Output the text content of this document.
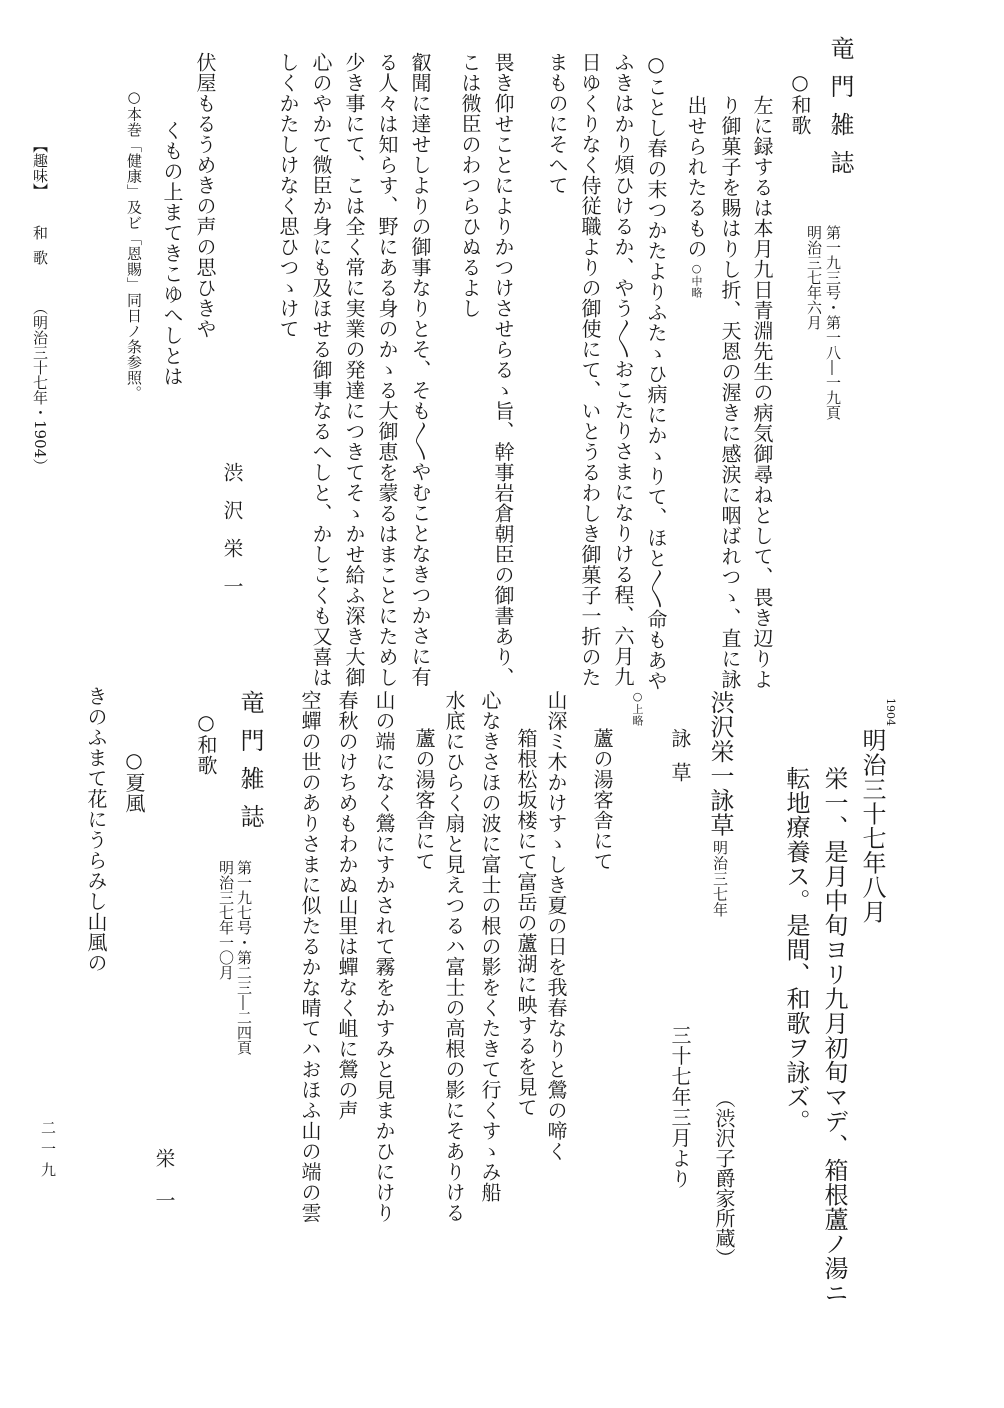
竜門雑誌
第一九三号・第一八―一九頁
明治三七年六月
○和歌
左に録するは本月九日青淵先生の病気御尋ねとして、畏き辺りよ
り御菓子を賜はりし折、天恩の渥きに感涙に咽ばれつゝ、直に詠
出せられたるもの
○中略
○ことし春の末つかたよりふたゝひ病にかゝりて、ほと〳〵命もあや
ふきはかり煩ひけるか、やう〳〵おこたりさまになりける程、六月九
日ゆくりなく侍従職よりの御使にて、いとうるわしき御菓子一折のた
まものにそへて
畏き仰せことによりかつけさせらるゝ旨、幹事岩倉朝臣の御書あり、
こは微臣のわつらひぬるよし
叡聞に達せしよりの御事なりとそ、そも〳〵やむことなきつかさに有
る人々は知らす、野にある身のかゝる大御恵を蒙るはまことにためし
少き事にて、こは全く常に実業の発達につきてそゝかせ給ふ深き大御
心のやかて微臣か身にも及ほせる御事なるへしと、かしこくも又喜は
しくかたしけなく思ひつゝけて
渋沢栄一
伏屋もるうめきの声の思ひきや
くもの上まてきこゆへしとは
○本巻「健康」及ビ「恩賜」同日ノ条参照。
【趣味】
和歌
（明治三十七年・1904）
1904
明治三十七年八月
栄一、是月中旬ヨリ九月初旬マデ、箱根蘆ノ湯ニ
転地療養ス。是間、和歌ヲ詠ズ。
（渋沢子爵家所蔵）
渋沢栄一詠草
明治三七年
詠草
三十七年三月より
○上略
蘆の湯客舎にて
山深ミ木かけすゝしき夏の日を我春なりと鶯の啼く
箱根松坂楼にて富岳の蘆湖に映するを見て
心なきさほの波に富士の根の影をくたきて行くすゝみ船
水底にひらく扇と見えつるハ富士の高根の影にそありける
蘆の湯客舎にて
山の端になく鶯にすかされて霧をかすみと見まかひにけり
春秋のけちめもわかぬ山里は蟬なく岨に鶯の声
空蟬の世のありさまに似たるかな晴てハおほふ山の端の雲
竜門雑誌
第一九七号・第二三―二四頁
明治三七年一〇月
○和歌
○夏風
栄一
きのふまて花にうらみし山風の
二一九
